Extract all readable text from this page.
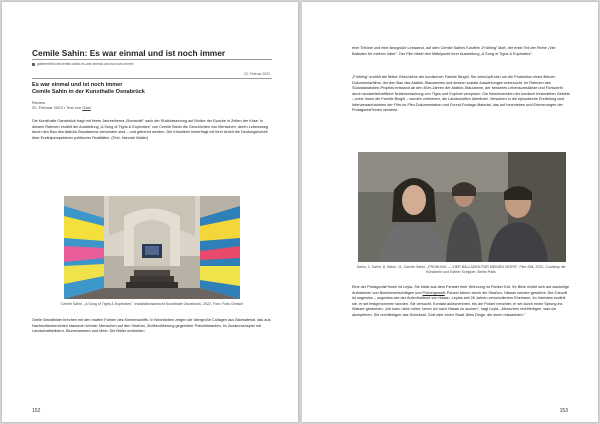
Cemile Sahin: Es war einmal und ist noch immer
galerienfeld.net/cemile-sahin-es-war-einmal-und-ist-noch-immer/
20. Februar 2023
Es war einmal und ist noch immer
Cemile Sahin in der Kunsthalle Osnabrück
Review
20. Februar 2023 • Text von Gast
Die Kunsthalle Osnabrück fragt mit ihrem Jahresthema „Romantik" nach der Rückbesinnung auf Motive der Epoche in Zeiten der Krise. In diesem Rahmen erzählt die Ausstellung „A Song of Tigris & Euphrates" von Cemile Sahin die Geschichten von Menschen, deren Lebensweg durch den Bau des Atatürk-Staudamms verbunden sind – und getrennt werden. Die Künstlerin hinterfragt mit ihrer Arbeit die Deutungshoheit über Erzählperspektiven politischer Realitäten. (Text: Hannah Walter)
Cemile Sahin, „A Song of Tigris & Euphrates", Installationsansicht Kunsthalle Osnabrück, 2022, Foto: Fotis Gerisch
Grelle Wandbilder brechen mit den matten Farben des Kirchenschiffs. In Neonfarben zeigen sie übergroße Collagen aus Bildmaterial, das aus Nachrichtenberichten stammen könnte: Menschen auf den Straßen, Zivilbevölkerung gegenüber Polizeibeamten, im Zusammenspiel mit Landschaftsbildern, Blumenwiesen und Meer. Die Bilder umkleiden
152
eine Tribüne und eine kinogroße Leinwand, auf dem Cemile Sahins Kurzfilm „Frühling" läuft, der erste Teil der Reihe „Vier Balladen für meinen Vater". Der Film bildet den Mittelpunkt ihrer Ausstellung „A Song of Tigris & Euphrates".
„Frühling" erzählt die fiktive Geschichte der kurdischen Familie Bingöl. Sie verknüpft sich um die Produktion eines fiktiven Dokumentarfilms, der den Bau des Atatürk-Staudamms und dessen soziale Auswirkungen untersucht. Im Rahmen des Südostanatolien-Projekts entstand ab den 80er-Jahren der Atatürk-Staudamm, der besseres Lebensumstände und Fortschritt durch landwirtschaftliche Nutzbarmachung von Tigris und Euphrat versprach. Die Bewohnenden der kurdisch besiedelten Gebiets – unter ihnen die Familie Bingöl – wurden vertrieben, die Landschaften überflutet. Verwoben in die episodische Erzählung sind Interviewaufnahmen der Film-im-Film-Dokumentation und Found-Footage-Material, das auf Innenleben und Erinnerungen der Protagonist*innen verweist.
Sahin, 2, Sahin, 8, Sahin, 11, Cemile Sahin, „FRÜHLING — VIER BALLADEN FÜR MEINEN VATER", Film-Still, 2022, Courtesy die Künstlerin und Esther Schipper, Berlin Paris
Eine der Protagonist*innen ist Leyla. Sie blickt aus dem Fenster ihrer Wohnung im Pariser Exil. Ihr Blick richtet sich auf wackelige Aufnahmen von Bombeneinschlägen und Polizeigewalt: Panzer fahren durch die Straßen, Häuser werden gestürmt. Die Zukunft ist ungewiss – ungewiss wie der Aufenthaltsort von Hasan, Leylas seit 26 Jahren verschollenem Ehemann. Im Interview erzählt sie, er sei festgenommen worden. Sie versucht, Kontakt aufzunehmen, bis die Polizei berichtet, er sei durch einen Sprung ins Wasser gestorben. „Ich kann nicht ruhen, bevor ich nach Hasan zu suchen", sagt Leyla. „Menschen rechtfertigen, was sie akzeptieren. Sie rechtfertigen das Schicksal, Gott oder einen Staat. Alles Dinge, die einen missachten."
153
